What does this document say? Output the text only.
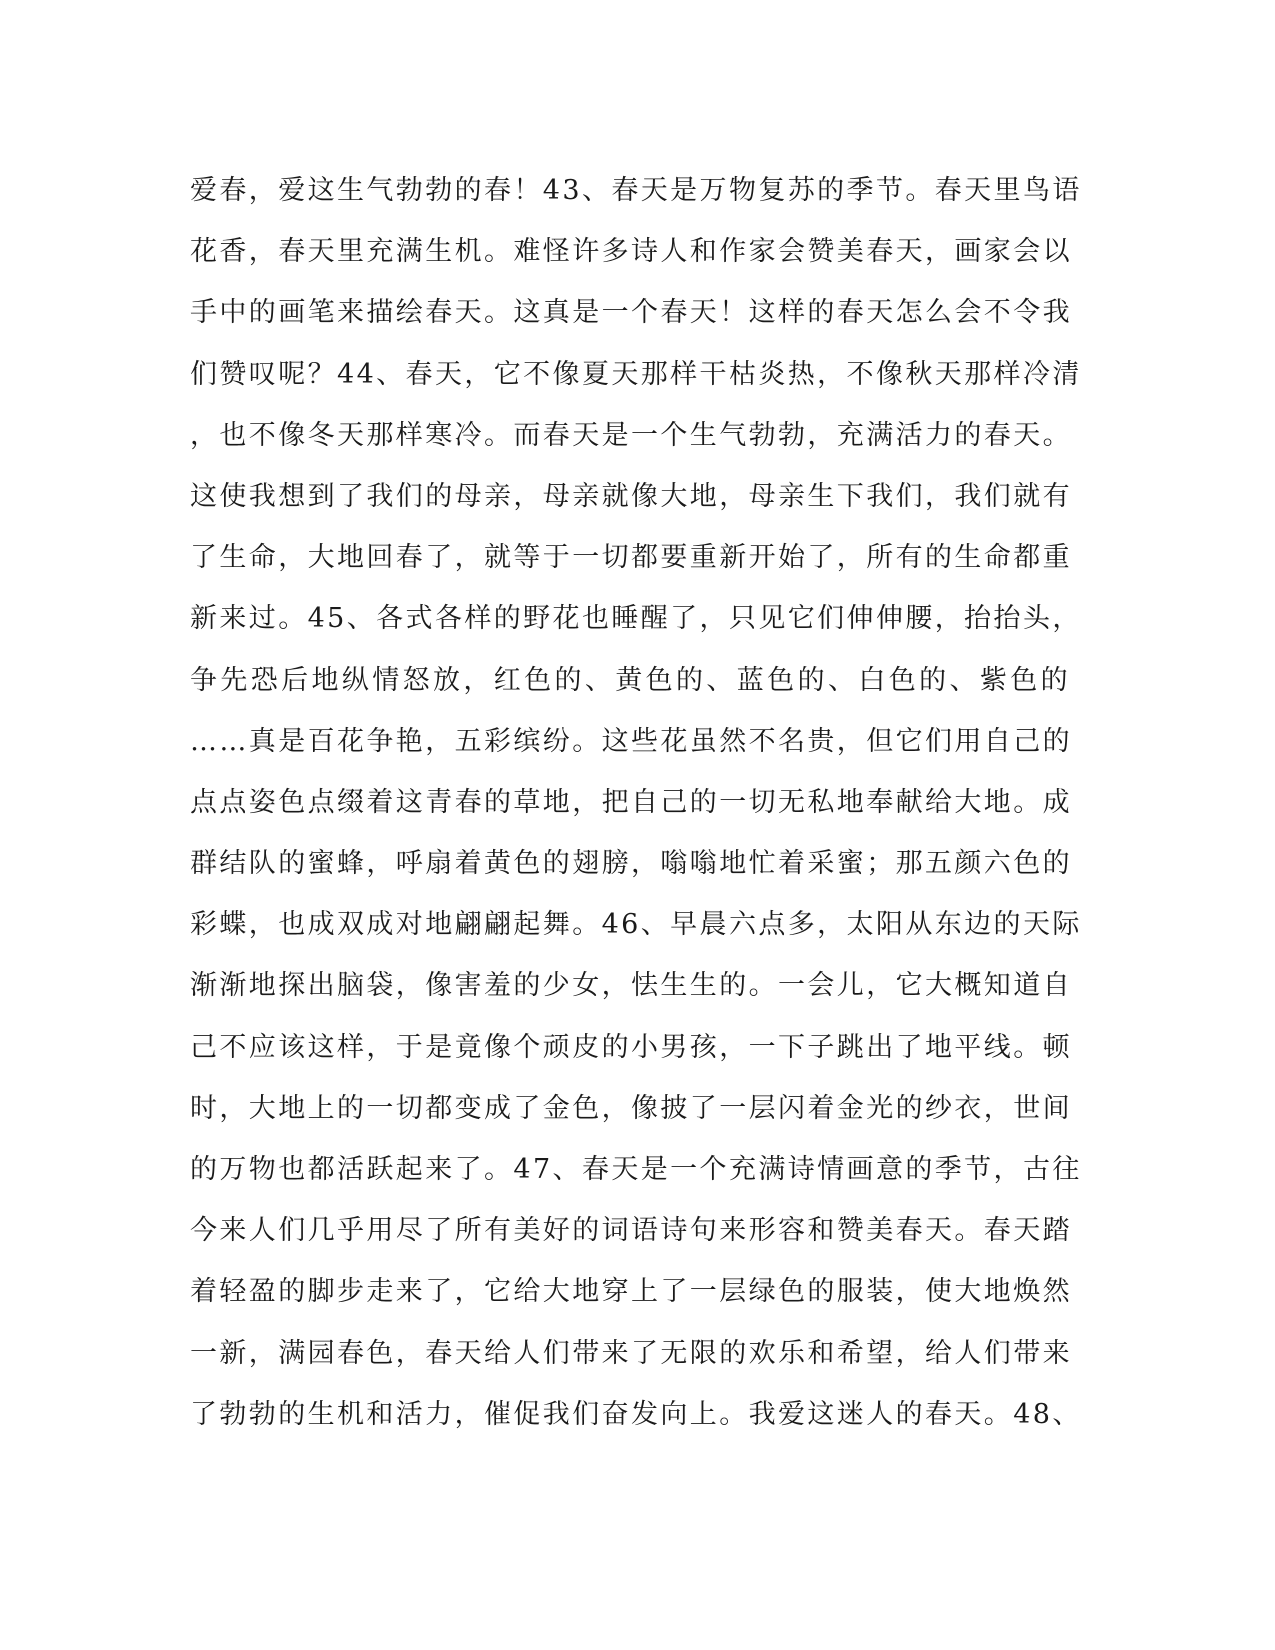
爱春，爱这生气勃勃的春！43、春天是万物复苏的季节。春天里鸟语
花香，春天里充满生机。难怪许多诗人和作家会赞美春天，画家会以
手中的画笔来描绘春天。这真是一个春天！这样的春天怎么会不令我
们赞叹呢？44、春天，它不像夏天那样干枯炎热，不像秋天那样冷清
，也不像冬天那样寒冷。而春天是一个生气勃勃，充满活力的春天。
这使我想到了我们的母亲，母亲就像大地，母亲生下我们，我们就有
了生命，大地回春了，就等于一切都要重新开始了，所有的生命都重
新来过。45、各式各样的野花也睡醒了，只见它们伸伸腰，抬抬头，
争先恐后地纵情怒放，红色的、黄色的、蓝色的、白色的、紫色的
……真是百花争艳，五彩缤纷。这些花虽然不名贵，但它们用自己的
点点姿色点缀着这青春的草地，把自己的一切无私地奉献给大地。成
群结队的蜜蜂，呼扇着黄色的翅膀，嗡嗡地忙着采蜜；那五颜六色的
彩蝶，也成双成对地翩翩起舞。46、早晨六点多，太阳从东边的天际
渐渐地探出脑袋，像害羞的少女，怯生生的。一会儿，它大概知道自
己不应该这样，于是竟像个顽皮的小男孩，一下子跳出了地平线。顿
时，大地上的一切都变成了金色，像披了一层闪着金光的纱衣，世间
的万物也都活跃起来了。47、春天是一个充满诗情画意的季节，古往
今来人们几乎用尽了所有美好的词语诗句来形容和赞美春天。春天踏
着轻盈的脚步走来了，它给大地穿上了一层绿色的服装，使大地焕然
一新，满园春色，春天给人们带来了无限的欢乐和希望，给人们带来
了勃勃的生机和活力，催促我们奋发向上。我爱这迷人的春天。48、
